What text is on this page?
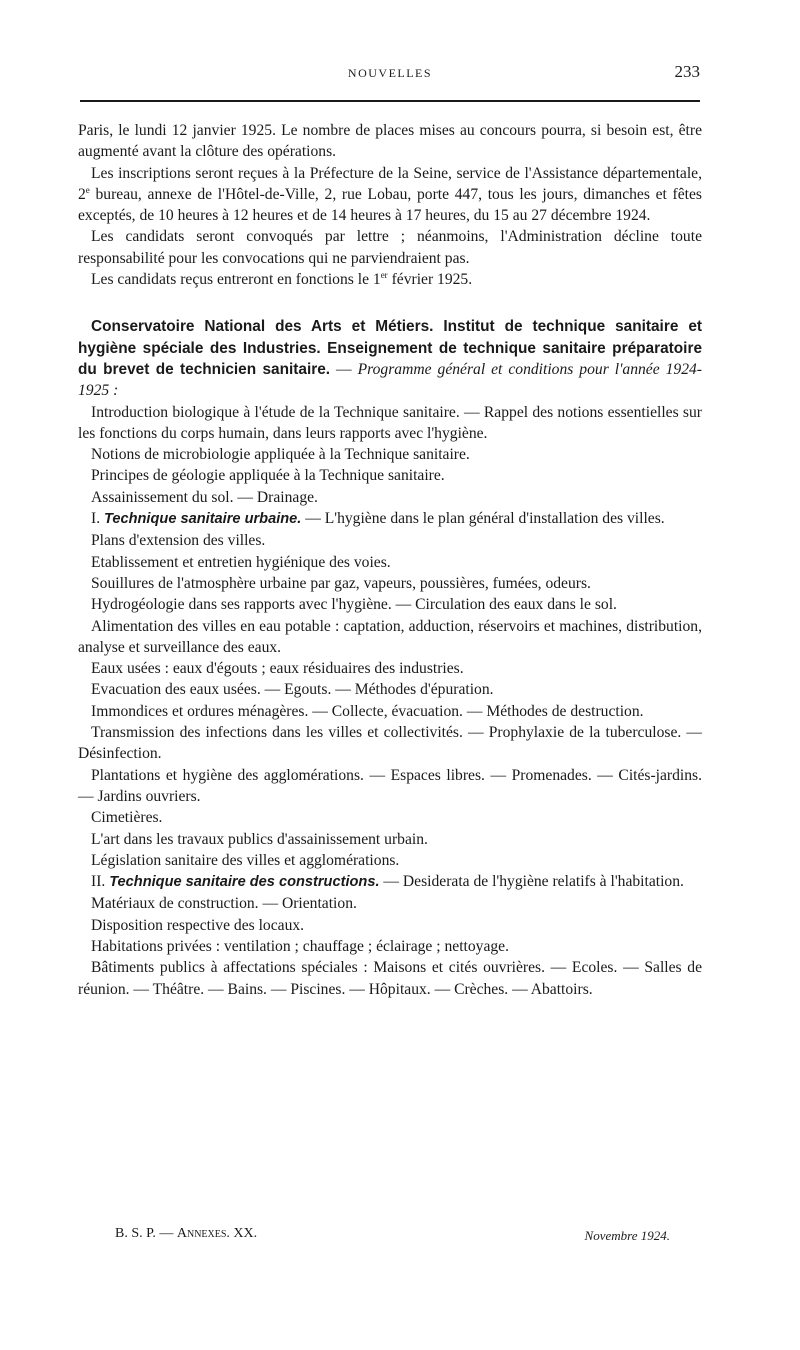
NOUVELLES	233

Paris, le lundi 12 janvier 1925. Le nombre de places mises au concours pourra, si besoin est, être augmenté avant la clôture des opérations.

Les inscriptions seront reçues à la Préfecture de la Seine, service de l'Assistance départementale, 2e bureau, annexe de l'Hôtel-de-Ville, 2, rue Lobau, porte 447, tous les jours, dimanches et fêtes exceptés, de 10 heures à 12 heures et de 14 heures à 17 heures, du 15 au 27 décembre 1924.

Les candidats seront convoqués par lettre ; néanmoins, l'Administration décline toute responsabilité pour les convocations qui ne parviendraient pas.

Les candidats reçus entreront en fonctions le 1er février 1925.

Conservatoire National des Arts et Métiers. Institut de technique sanitaire et hygiène spéciale des Industries. Enseignement de technique sanitaire préparatoire du brevet de technicien sanitaire. — Programme général et conditions pour l'année 1924-1925 :

Introduction biologique à l'étude de la Technique sanitaire. — Rappel des notions essentielles sur les fonctions du corps humain, dans leurs rapports avec l'hygiène.

Notions de microbiologie appliquée à la Technique sanitaire.

Principes de géologie appliquée à la Technique sanitaire.

Assainissement du sol. — Drainage.

I. Technique sanitaire urbaine. — L'hygiène dans le plan général d'installation des villes.

Plans d'extension des villes.

Etablissement et entretien hygiénique des voies.

Souillures de l'atmosphère urbaine par gaz, vapeurs, poussières, fumées, odeurs.

Hydrogéologie dans ses rapports avec l'hygiène. — Circulation des eaux dans le sol.

Alimentation des villes en eau potable : captation, adduction, réservoirs et machines, distribution, analyse et surveillance des eaux.

Eaux usées : eaux d'égouts ; eaux résiduaires des industries.

Evacuation des eaux usées. — Egouts. — Méthodes d'épuration.

Immondices et ordures ménagères. — Collecte, évacuation. — Méthodes de destruction.

Transmission des infections dans les villes et collectivités. — Prophylaxie de la tuberculose. — Désinfection.

Plantations et hygiène des agglomérations. — Espaces libres. — Promenades. — Cités-jardins. — Jardins ouvriers.

Cimetières.

L'art dans les travaux publics d'assainissement urbain.

Législation sanitaire des villes et agglomérations.

II. Technique sanitaire des constructions. — Desiderata de l'hygiène relatifs à l'habitation.

Matériaux de construction. — Orientation.

Disposition respective des locaux.

Habitations privées : ventilation ; chauffage ; éclairage ; nettoyage.

Bâtiments publics à affectations spéciales : Maisons et cités ouvrières. — Ecoles. — Salles de réunion. — Théâtre. — Bains. — Piscines. — Hôpitaux. — Crèches. — Abattoirs.

B. S. P. — Annexes. XX.	Novembre 1924.
